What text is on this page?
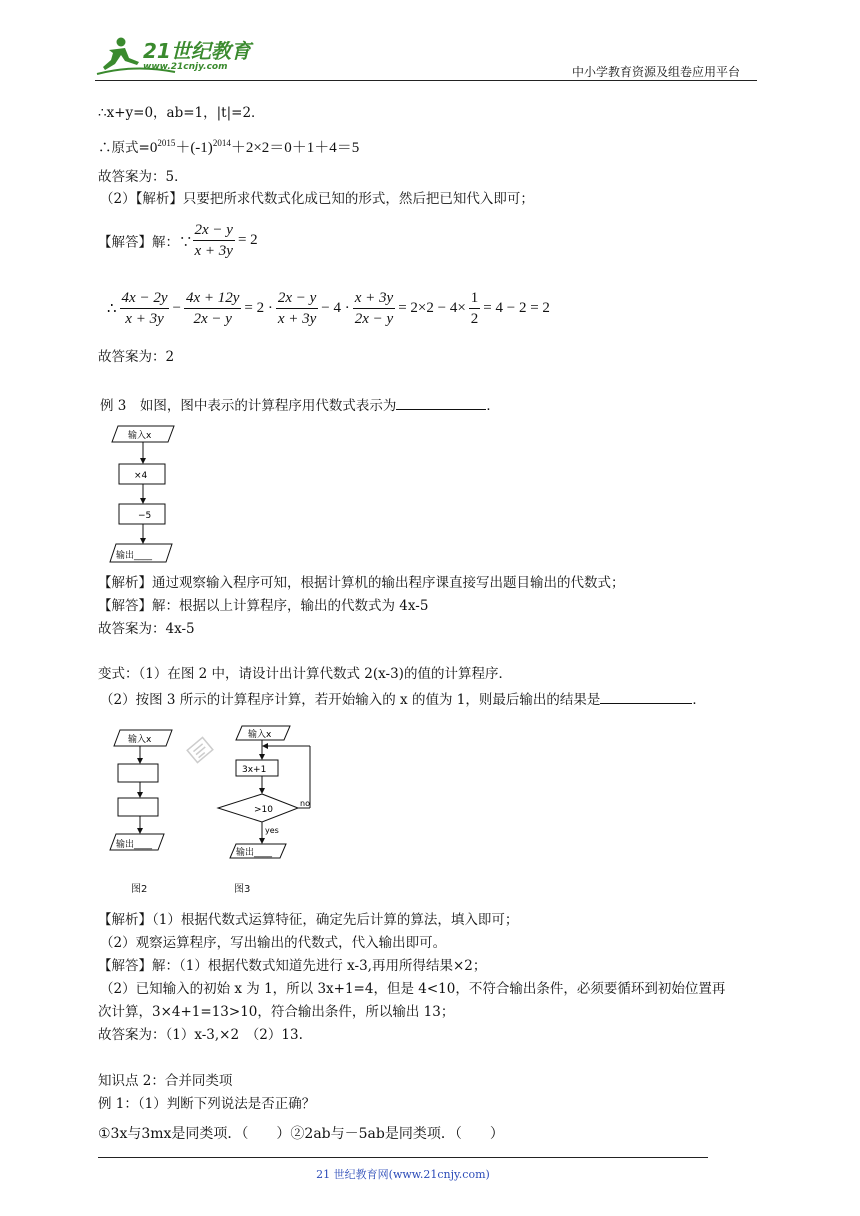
21世纪教育
www.21cnjy.com	中小学教育资源及组卷应用平台
∴x+y=0，ab=1，|t|=2．
∴原式$=0^{2015}+(-1)^{2014}+2\times 2=0+1+4=5$
故答案为：5．
（2）【解析】只要把所求代数式化成已知的形式，然后把已知代入即可；
【解答】解：∵ $\frac{2x - y}{x + 3y} = 2$
∴ $\frac{4x - 2y}{x + 3y} - \frac{4x + 12y}{2x - y} = 2 \cdot \frac{2x - y}{x + 3y} - 4 \cdot \frac{x + 3y}{2x - y} = 2\times 2 - 4\times \frac{1}{2} = 4 - 2 = 2$
故答案为：2
例 3　如图，图中表示的计算程序用代数式表示为	．
输入x
×4
−5
输出____
【解析】通过观察输入程序可知，根据计算机的输出程序课直接写出题目输出的代数式；
【解答】解：根据以上计算程序，输出的代数式为 4x-5
故答案为：4x-5
变式：（1）在图 2 中，请设计出计算代数式 2(x-3)的值的计算程序．
（2）按图 3 所示的计算程序计算，若开始输入的 x 的值为 1，则最后输出的结果是	．
输入x
输出____
输入x
3x+1
>10
no
yes
输出____
图2	图3
【解析】（1）根据代数式运算特征，确定先后计算的算法，填入即可；
（2）观察运算程序，写出输出的代数式，代入输出即可。
【解答】解：（1）根据代数式知道先进行 x-3,再用所得结果×2；
（2）已知输入的初始 x 为 1，所以 3x+1=4，但是 4<10，不符合输出条件，必须要循环到初始位置再
次计算，3×4+1=13>10，符合输出条件，所以输出 13；
故答案为：（1）x-3,×2　（2）13.
知识点 2：合并同类项
例 1：（1）判断下列说法是否正确？
①3x与3mx是同类项．（　　）②2ab与－5ab是同类项．（　　）
21 世纪教育网(www.21cnjy.com)
